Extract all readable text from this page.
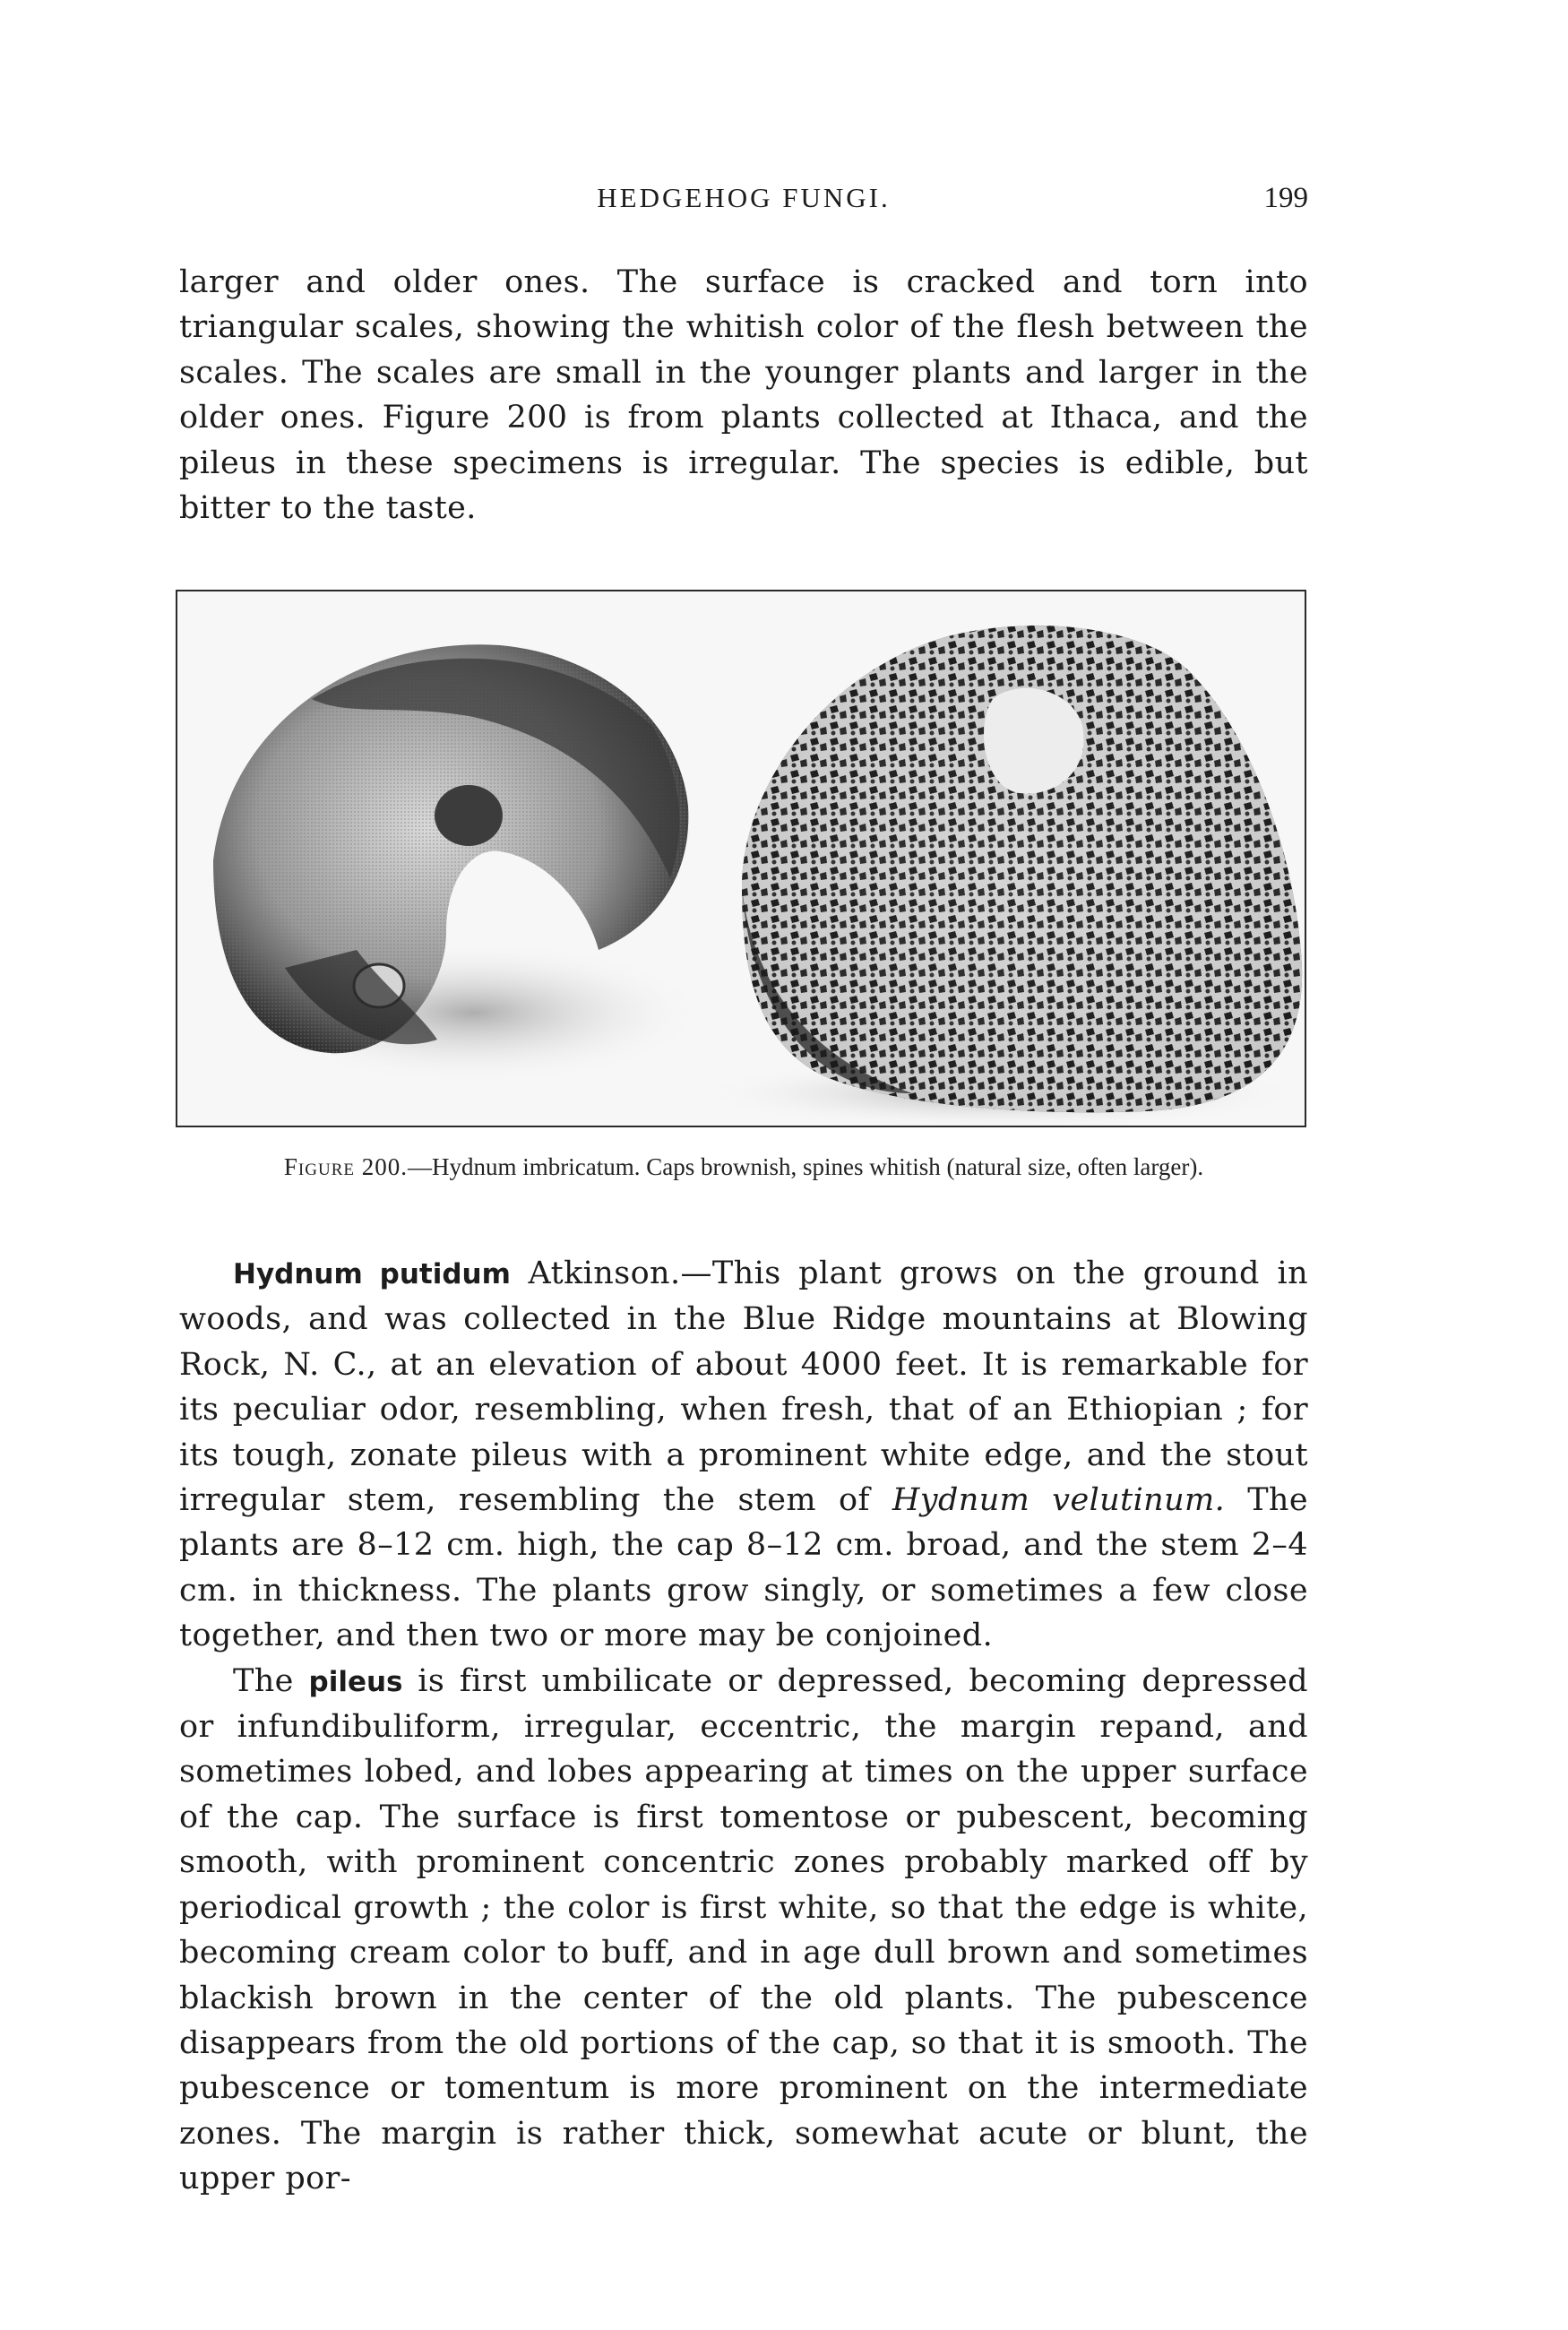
HEDGEHOG FUNGI.	199

larger and older ones. The surface is cracked and torn into triangular scales, showing the whitish color of the flesh between the scales. The scales are small in the younger plants and larger in the older ones. Figure 200 is from plants collected at Ithaca, and the pileus in these specimens is irregular. The species is edible, but bitter to the taste.

Figure 200.—Hydnum imbricatum. Caps brownish, spines whitish (natural size, often larger).

Hydnum putidum Atkinson.—This plant grows on the ground in woods, and was collected in the Blue Ridge mountains at Blowing Rock, N. C., at an elevation of about 4000 feet. It is remarkable for its peculiar odor, resembling, when fresh, that of an Ethiopian ; for its tough, zonate pileus with a prominent white edge, and the stout irregular stem, resembling the stem of Hydnum velutinum. The plants are 8–12 cm. high, the cap 8–12 cm. broad, and the stem 2–4 cm. in thickness. The plants grow singly, or sometimes a few close together, and then two or more may be conjoined.

The pileus is first umbilicate or depressed, becoming depressed or infundibuliform, irregular, eccentric, the margin repand, and sometimes lobed, and lobes appearing at times on the upper surface of the cap. The surface is first tomentose or pubescent, becoming smooth, with prominent concentric zones probably marked off by periodical growth ; the color is first white, so that the edge is white, becoming cream color to buff, and in age dull brown and sometimes blackish brown in the center of the old plants. The pubescence disappears from the old portions of the cap, so that it is smooth. The pubescence or tomentum is more prominent on the intermediate zones. The margin is rather thick, somewhat acute or blunt, the upper por-
